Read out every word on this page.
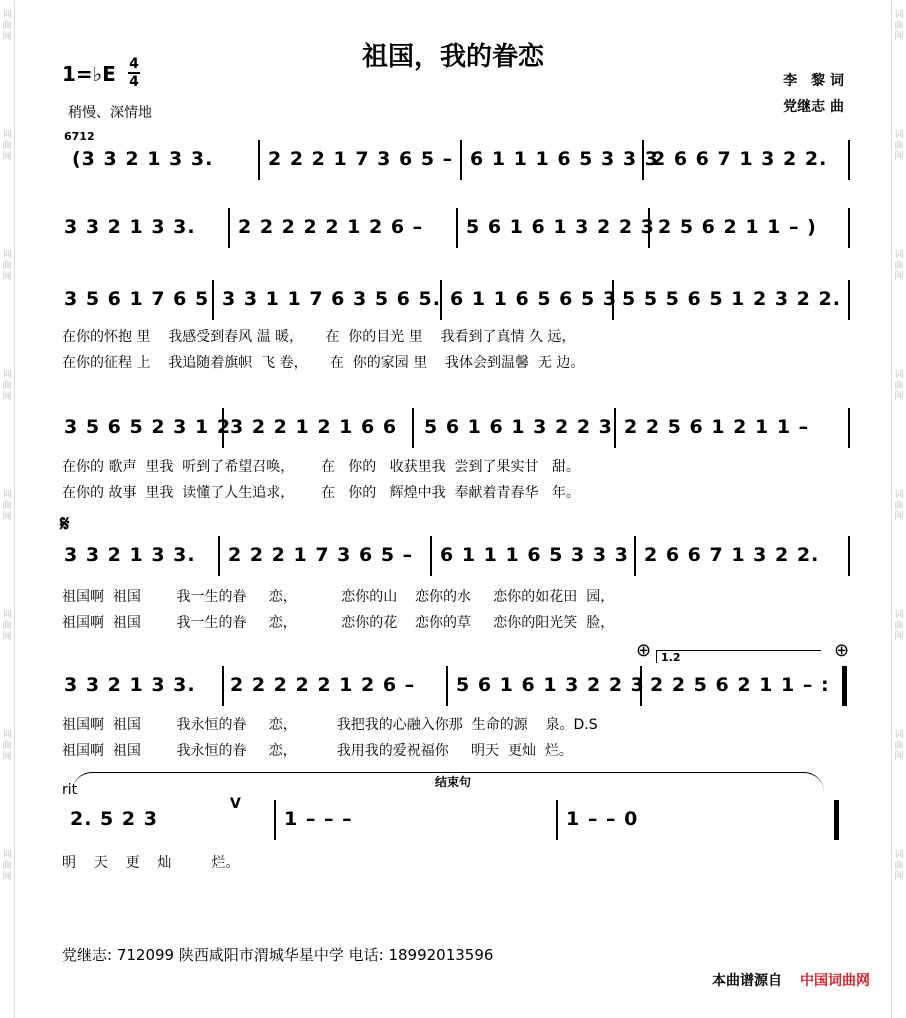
词
曲
网
词
曲
网
词
曲
网
词
曲
网
词
曲
网
词
曲
网
词
曲
网
词
曲
网
词
曲
网
词
曲
网
词
曲
网
词
曲
网
词
曲
网
词
曲
网
词
曲
网
词
曲
网
祖国，我的眷恋
1=♭E 4
4
稍慢、深情地
李　黎 词
党继志 曲
6712
(3 3 2 1 3 3.	2 2 2 1 7 3 6 5 – 6 1 1 1 6 5 3 3 3
2 6 6 7 1 3 2 2.
3 3 2 1 3 3. 2 2 2 2 2 1 2 6 – 5 6 1 6 1 3 2 2 3 2 5 6 2 1 1 – )
3 5 6 1 7 6 5 3 3 1 1 7 6 3 5 6 5. 6 1 1 6 5 6 5 3 5 5 5 6 5 1 2 3 2 2.
在你的怀抱 里    我感受到春风 温 暖，     在  你的目光 里    我看到了真情 久 远，
在你的征程 上    我追随着旗帜  飞 卷，     在  你的家园 里    我体会到温馨  无 边。
3 5 6 5 2 3 1 2
3 2 2 1 2 1 6 6 5 6 1 6 1 3 2 2 3 2 2 5 6 1 2 1 1 –
在你的 歌声  里我  听到了希望召唤，      在   你的   收获里我  尝到了果实甘   甜。
在你的 故事  里我  读懂了人生追求，      在   你的   辉煌中我  奉献着青春华   年。
𝄋
3 3 2 1 3 3. 2 2 2 1 7 3 6 5 – 6 1 1 1 6 5 3 3 3 2 6 6 7 1 3 2 2.
祖国啊  祖国        我一生的眷     恋，          恋你的山    恋你的水     恋你的如花田  园，
祖国啊  祖国        我一生的眷     恋，          恋你的花    恋你的草     恋你的阳光笑  脸，
⊕ 1.2	⊕
3 3 2 1 3 3. 2 2 2 2 2 1 2 6 – 5 6 1 6 1 3 2 2 3 2 2 5 6 2 1 1 – :
祖国啊  祖国        我永恒的眷     恋，         我把我的心融入你那  生命的源    泉。D.S
祖国啊  祖国        我永恒的眷     恋，         我用我的爱祝福你     明天  更灿  烂。
结束句
rit
2. 5 2 3
V
1 – – –	1 – – 0
明    天    更    灿         烂。
党继志: 712099 陕西咸阳市渭城华星中学 电话: 18992013596
本曲谱源自 中国词曲网
